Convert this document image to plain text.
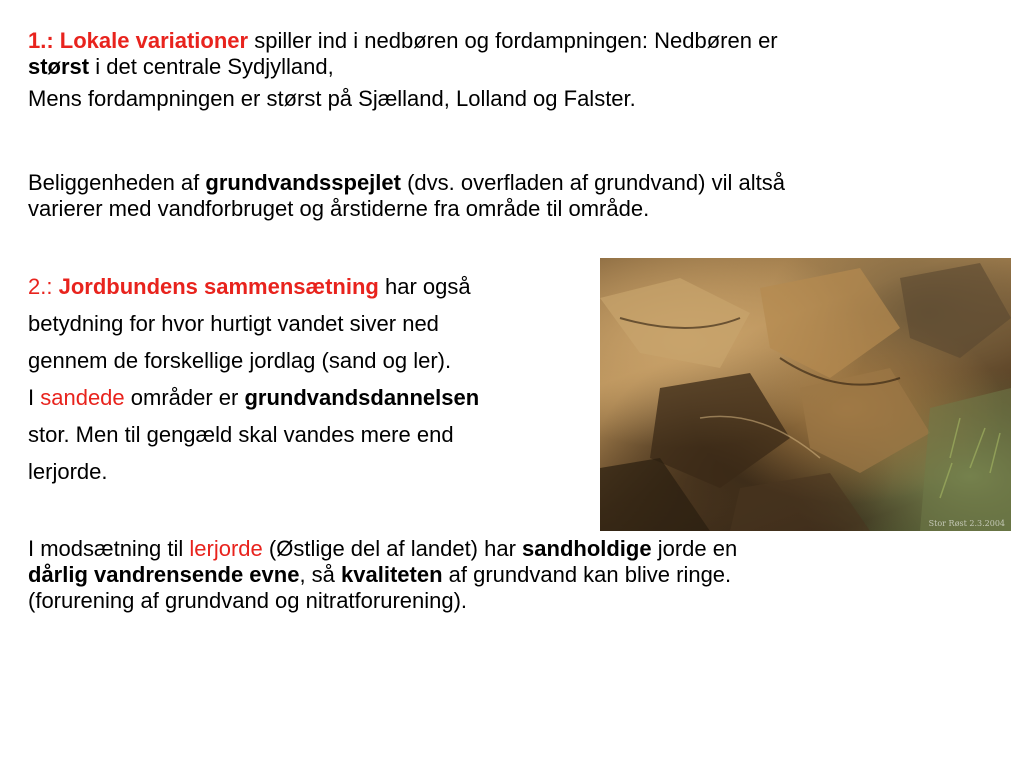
1.: Lokale variationer spiller ind i nedbøren og fordampningen: Nedbøren er
størst i det centrale Sydjylland,
Mens fordampningen er størst på Sjælland, Lolland og Falster.

Beliggenheden af grundvandsspejlet (dvs. overfladen af grundvand) vil altså
varierer med vandforbruget og årstiderne fra område til område.

2.: Jordbundens sammensætning har også
betydning for hvor hurtigt vandet siver ned
gennem de forskellige jordlag (sand og ler).
I sandede områder er grundvandsdannelsen
stor. Men til gengæld skal vandes mere end
lerjorde.
Stor Røst 2.3.2004

I modsætning til lerjorde (Østlige del af landet) har sandholdige jorde en
dårlig vandrensende evne, så kvaliteten af grundvand kan blive ringe.
(forurening af grundvand og nitratforurening).
